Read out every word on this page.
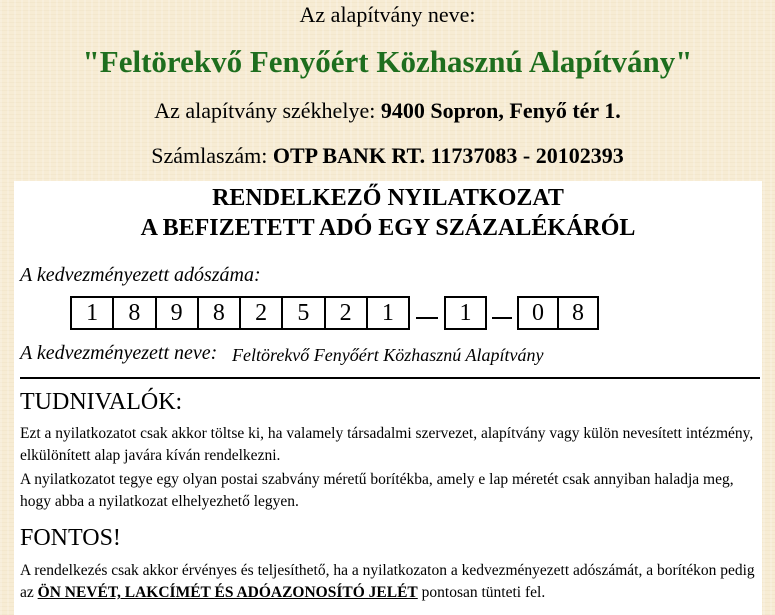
Az alapítvány neve:
"Feltörekvő Fenyőért Közhasznú Alapítvány"
Az alapítvány székhelye: 9400 Sopron, Fenyő tér 1.
Számlaszám: OTP BANK RT. 11737083 - 20102393
RENDELKEZŐ NYILATKOZAT
A BEFIZETETT ADÓ EGY SZÁZALÉKÁRÓL
A kedvezményezett adószáma:
1	8	9	8	2	5	2	1	1	0	8
A kedvezményezett neve: Feltörekvő Fenyőért Közhasznú Alapítvány
TUDNIVALÓK:
Ezt a nyilatkozatot csak akkor töltse ki, ha valamely társadalmi szervezet, alapítvány vagy külön nevesített intézmény, elkülönített alap javára kíván rendelkezni.
A nyilatkozatot tegye egy olyan postai szabvány méretű borítékba, amely e lap méretét csak annyiban haladja meg, hogy abba a nyilatkozat elhelyezhető legyen.
FONTOS!
A rendelkezés csak akkor érvényes és teljesíthető, ha a nyilatkozaton a kedvezményezett adószámát, a borítékon pedig az ÖN NEVÉT, LAKCÍMÉT ÉS ADÓAZONOSÍTÓ JELÉT pontosan tünteti fel.
